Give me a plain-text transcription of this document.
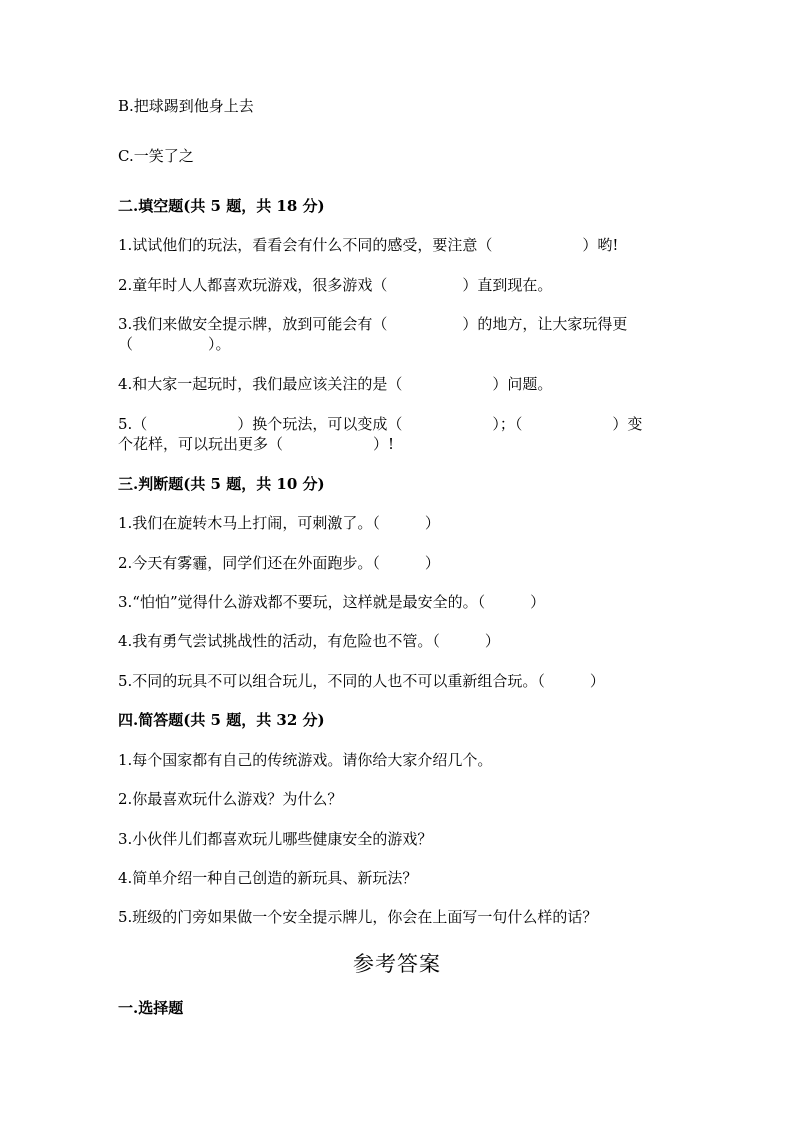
B.把球踢到他身上去
C.一笑了之
二.填空题(共 5 题，共 18 分)
1.试试他们的玩法，看看会有什么不同的感受，要注意（　　　　　　）哟!
2.童年时人人都喜欢玩游戏，很多游戏（　　　　　）直到现在。
3.我们来做安全提示牌，放到可能会有（　　　　　）的地方，让大家玩得更
（　　　　　）。
4.和大家一起玩时，我们最应该关注的是（　　　　　　）问题。
5.（　　　　　　）换个玩法，可以变成（　　　　　　）；（　　　　　　）变
个花样，可以玩出更多（　　　　　　）!
三.判断题(共 5 题，共 10 分)
1.我们在旋转木马上打闹，可刺激了。（　　　）
2.今天有雾霾，同学们还在外面跑步。（　　　）
3.“怕怕”觉得什么游戏都不要玩，这样就是最安全的。（　　　）
4.我有勇气尝试挑战性的活动，有危险也不管。（　　　）
5.不同的玩具不可以组合玩儿，不同的人也不可以重新组合玩。（　　　）
四.简答题(共 5 题，共 32 分)
1.每个国家都有自己的传统游戏。请你给大家介绍几个。
2.你最喜欢玩什么游戏？为什么？
3.小伙伴儿们都喜欢玩儿哪些健康安全的游戏？
4.简单介绍一种自己创造的新玩具、新玩法？
5.班级的门旁如果做一个安全提示牌儿，你会在上面写一句什么样的话？
参考答案
一.选择题
